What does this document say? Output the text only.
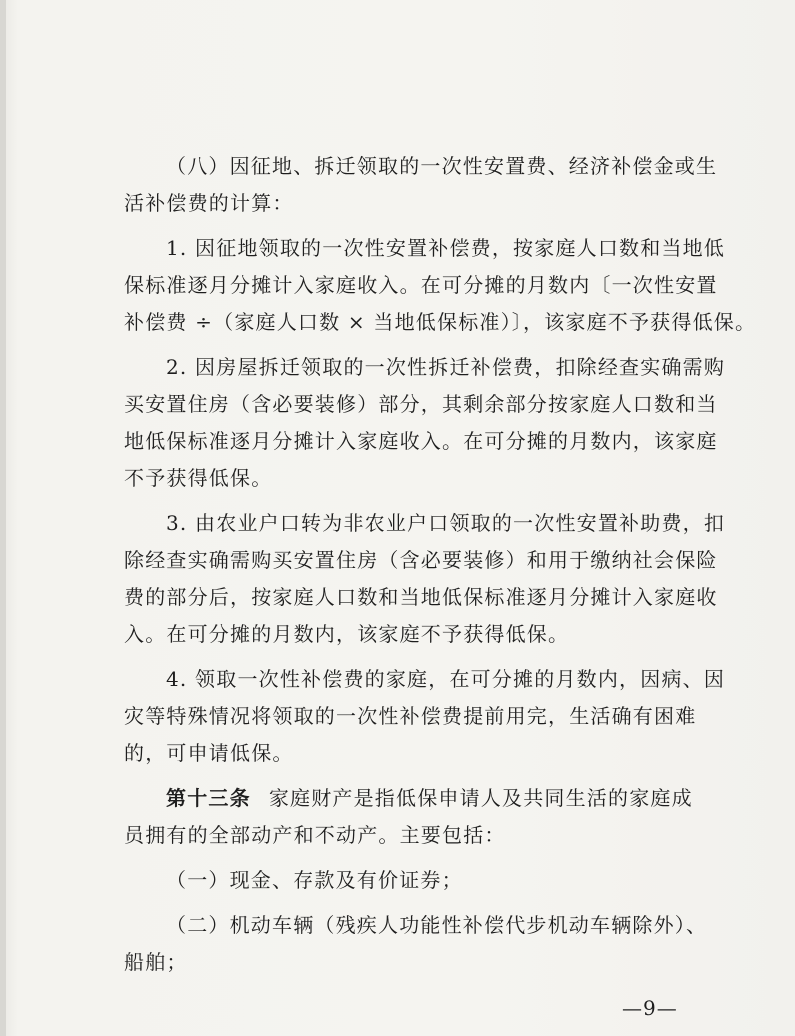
（八）因征地、拆迁领取的一次性安置费、经济补偿金或生
活补偿费的计算：
1. 因征地领取的一次性安置补偿费，按家庭人口数和当地低
保标准逐月分摊计入家庭收入。在可分摊的月数内〔一次性安置
补偿费 ÷（家庭人口数 × 当地低保标准）〕，该家庭不予获得低保。
2. 因房屋拆迁领取的一次性拆迁补偿费，扣除经查实确需购
买安置住房（含必要装修）部分，其剩余部分按家庭人口数和当
地低保标准逐月分摊计入家庭收入。在可分摊的月数内，该家庭
不予获得低保。
3. 由农业户口转为非农业户口领取的一次性安置补助费，扣
除经查实确需购买安置住房（含必要装修）和用于缴纳社会保险
费的部分后，按家庭人口数和当地低保标准逐月分摊计入家庭收
入。在可分摊的月数内，该家庭不予获得低保。
4. 领取一次性补偿费的家庭，在可分摊的月数内，因病、因
灾等特殊情况将领取的一次性补偿费提前用完，生活确有困难
的，可申请低保。
第十三条 家庭财产是指低保申请人及共同生活的家庭成
员拥有的全部动产和不动产。主要包括：
（一）现金、存款及有价证券；
（二）机动车辆（残疾人功能性补偿代步机动车辆除外）、
船舶；
—9—
